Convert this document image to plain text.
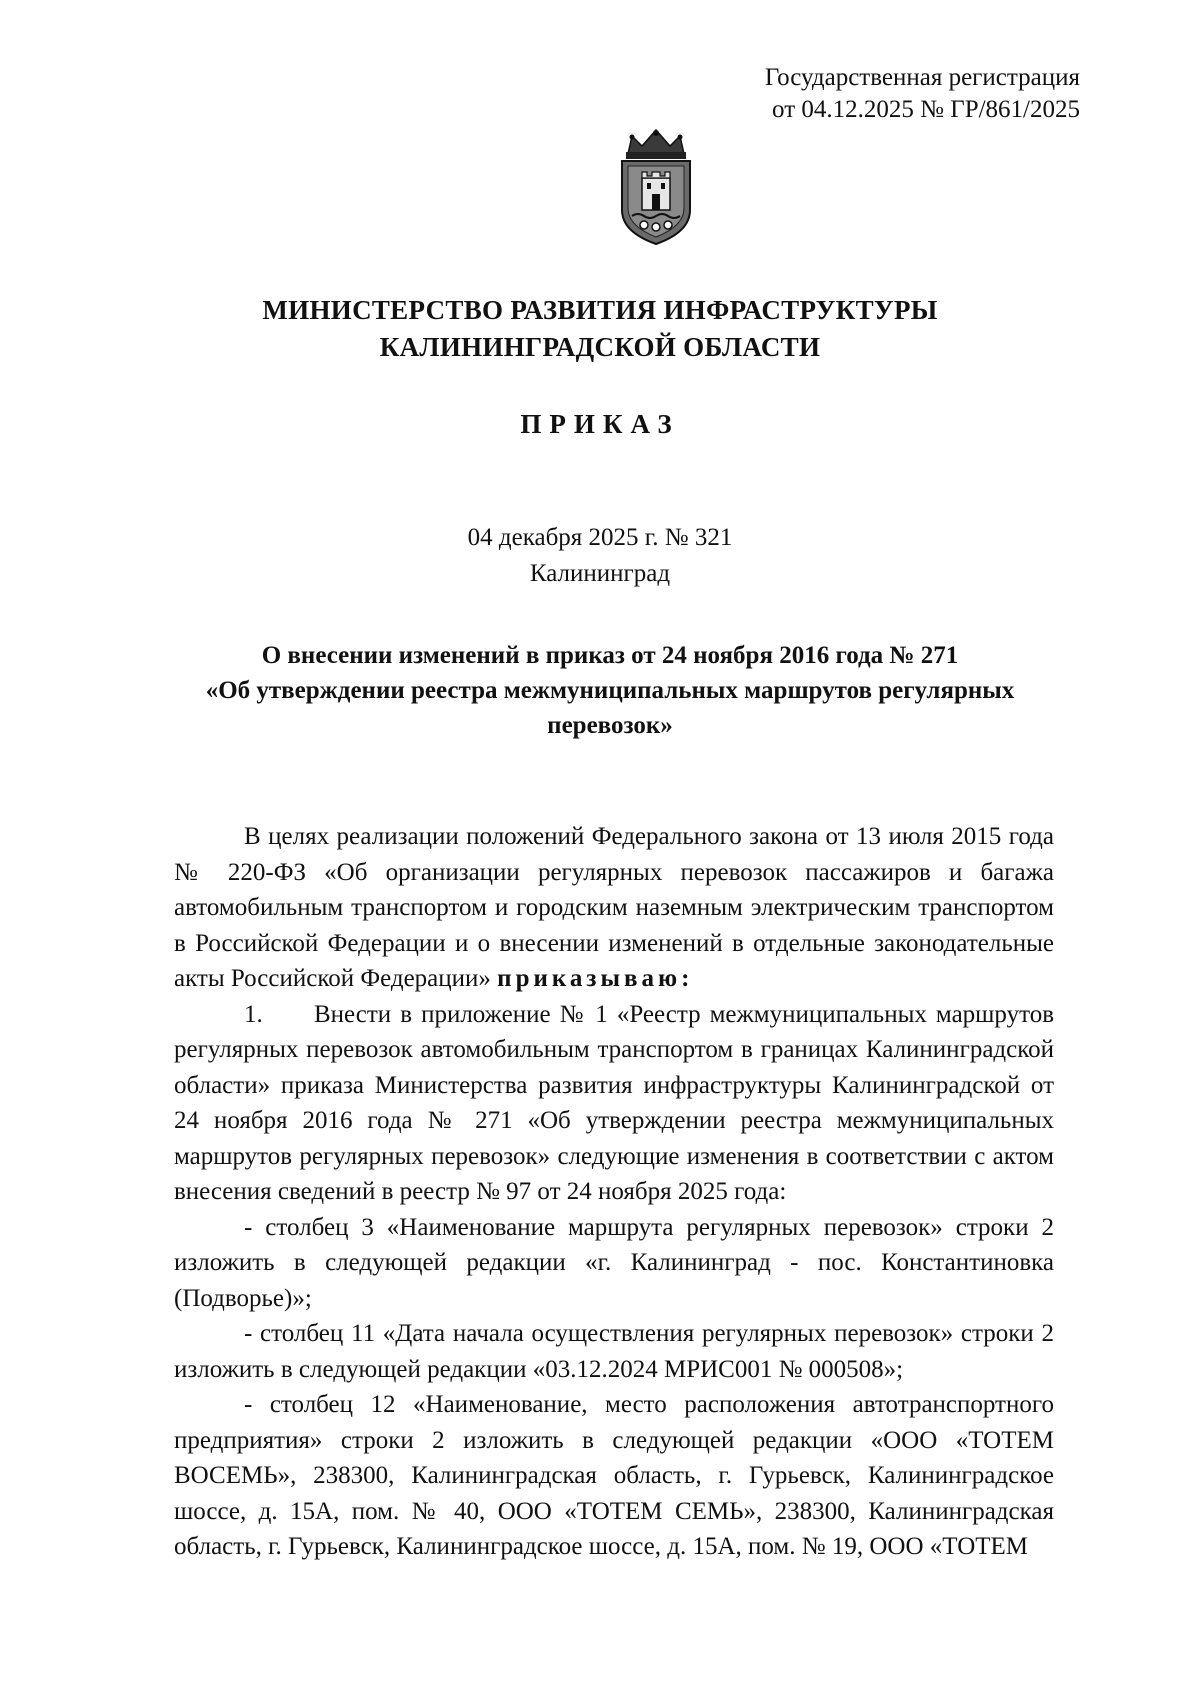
Государственная регистрация
от 04.12.2025 № ГР/861/2025
МИНИСТЕРСТВО РАЗВИТИЯ ИНФРАСТРУКТУРЫ
КАЛИНИНГРАДСКОЙ ОБЛАСТИ
ПРИКАЗ
04 декабря 2025 г. № 321
Калининград
О внесении изменений в приказ от 24 ноября 2016 года № 271
«Об утверждении реестра межмуниципальных маршрутов регулярных перевозок»

В целях реализации положений Федерального закона от 13 июля 2015 года № 220-ФЗ «Об организации регулярных перевозок пассажиров и багажа автомобильным транспортом и городским наземным электрическим транспортом в Российской Федерации и о внесении изменений в отдельные законодательные акты Российской Федерации» приказываю:

1. Внести в приложение № 1 «Реестр межмуниципальных маршрутов регулярных перевозок автомобильным транспортом в границах Калининградской области» приказа Министерства развития инфраструктуры Калининградской от 24 ноября 2016 года № 271 «Об утверждении реестра межмуниципальных маршрутов регулярных перевозок» следующие изменения в соответствии с актом внесения сведений в реестр № 97 от 24 ноября 2025 года:

- столбец 3 «Наименование маршрута регулярных перевозок» строки 2 изложить в следующей редакции «г. Калининград - пос. Константиновка (Подворье)»;

- столбец 11 «Дата начала осуществления регулярных перевозок» строки 2 изложить в следующей редакции «03.12.2024 МРИС001 № 000508»;

- столбец 12 «Наименование, место расположения автотранспортного предприятия» строки 2 изложить в следующей редакции «ООО «ТОТЕМ ВОСЕМЬ», 238300, Калининградская область, г. Гурьевск, Калининградское шоссе, д. 15А, пом. № 40, ООО «ТОТЕМ СЕМЬ», 238300, Калининградская область, г. Гурьевск, Калининградское шоссе, д. 15А, пом. № 19, ООО «ТОТЕМ
